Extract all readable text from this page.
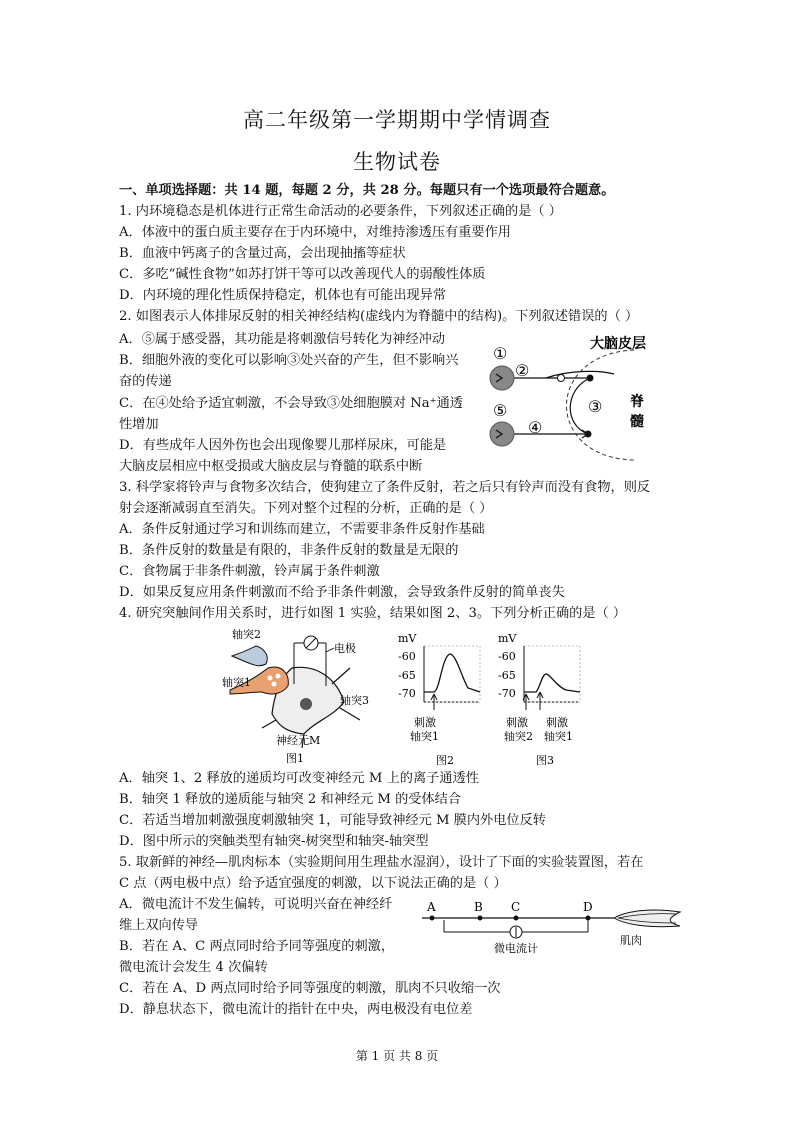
高二年级第一学期期中学情调查
生物试卷
一、单项选择题：共 14 题，每题 2 分，共 28 分。每题只有一个选项最符合题意。
1. 内环境稳态是机体进行正常生命活动的必要条件，下列叙述正确的是（ ）
A．体液中的蛋白质主要存在于内环境中，对维持渗透压有重要作用
B．血液中钙离子的含量过高，会出现抽搐等症状
C．多吃“碱性食物”如苏打饼干等可以改善现代人的弱酸性体质
D．内环境的理化性质保持稳定，机体也有可能出现异常
2. 如图表示人体排尿反射的相关神经结构(虚线内为脊髓中的结构)。下列叙述错误的（ ）
A．⑤属于感受器，其功能是将刺激信号转化为神经冲动
B．细胞外液的变化可以影响③处兴奋的产生，但不影响兴
奋的传递
C．在④处给予适宜刺激，不会导致③处细胞膜对 Na⁺通透
性增加
D．有些成年人因外伤也会出现像婴儿那样尿床，可能是
大脑皮层相应中枢受损或大脑皮层与脊髓的联系中断
①
②
③
④
⑤
大脑皮层
脊
髓
3. 科学家将铃声与食物多次结合，使狗建立了条件反射，若之后只有铃声而没有食物，则反
射会逐渐减弱直至消失。下列对整个过程的分析，正确的是（ ）
A．条件反射通过学习和训练而建立，不需要非条件反射作基础
B．条件反射的数量是有限的，非条件反射的数量是无限的
C．食物属于非条件刺激，铃声属于条件刺激
D．如果反复应用条件刺激而不给予非条件刺激，会导致条件反射的简单丧失
4. 研究突触间作用关系时，进行如图 1 实验，结果如图 2、3。下列分析正确的是（ ）
轴突2
电极
轴突1
轴突3
神经元M
图1
mV
-60
-65
-70
刺激
轴突1
图2
mV
-60
-65
-70
刺激
轴突2
刺激
轴突1
图3
A．轴突 1、2 释放的递质均可改变神经元 M 上的离子通透性
B．轴突 1 释放的递质能与轴突 2 和神经元 M 的受体结合
C．若适当增加刺激强度刺激轴突 1，可能导致神经元 M 膜内外电位反转
D．图中所示的突触类型有轴突-树突型和轴突-轴突型
5. 取新鲜的神经—肌肉标本（实验期间用生理盐水湿润），设计了下面的实验装置图，若在
C 点（两电极中点）给予适宜强度的刺激，以下说法正确的是（ ）
A．微电流计不发生偏转，可说明兴奋在神经纤
维上双向传导
B．若在 A、C 两点同时给予同等强度的刺激，
微电流计会发生 4 次偏转
C．若在 A、D 两点同时给予同等强度的刺激，肌肉不只收缩一次
D．静息状态下，微电流计的指针在中央，两电极没有电位差
A	B C	D
微电流计
肌肉
第 1 页 共 8 页
